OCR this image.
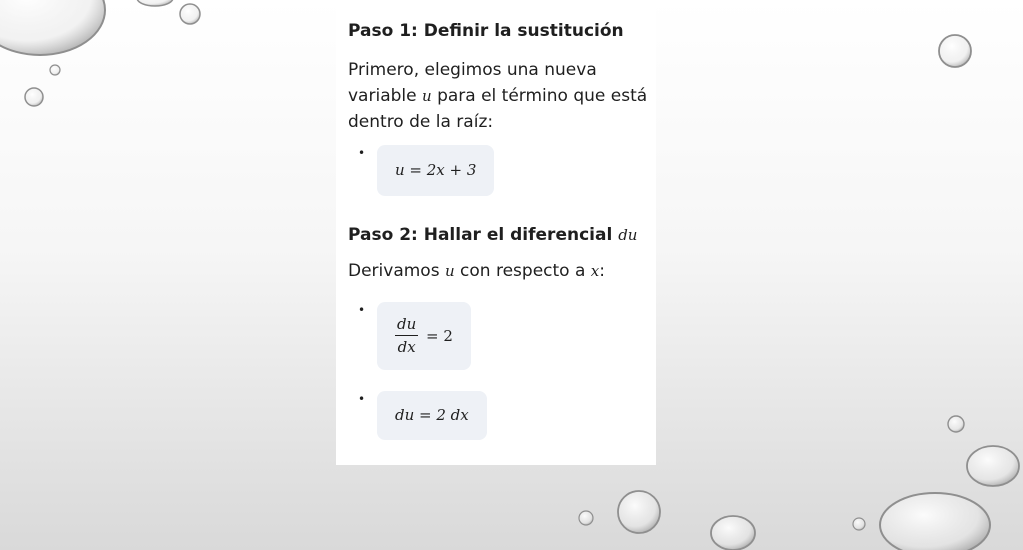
Paso 1: Definir la sustitución
Primero, elegimos una nueva variable u para el término que está dentro de la raíz:
•
u = 2x + 3
Paso 2: Hallar el diferencial du
Derivamos u con respecto a x:
•
$\frac{du}{dx} = 2$
•
du = 2 dx
